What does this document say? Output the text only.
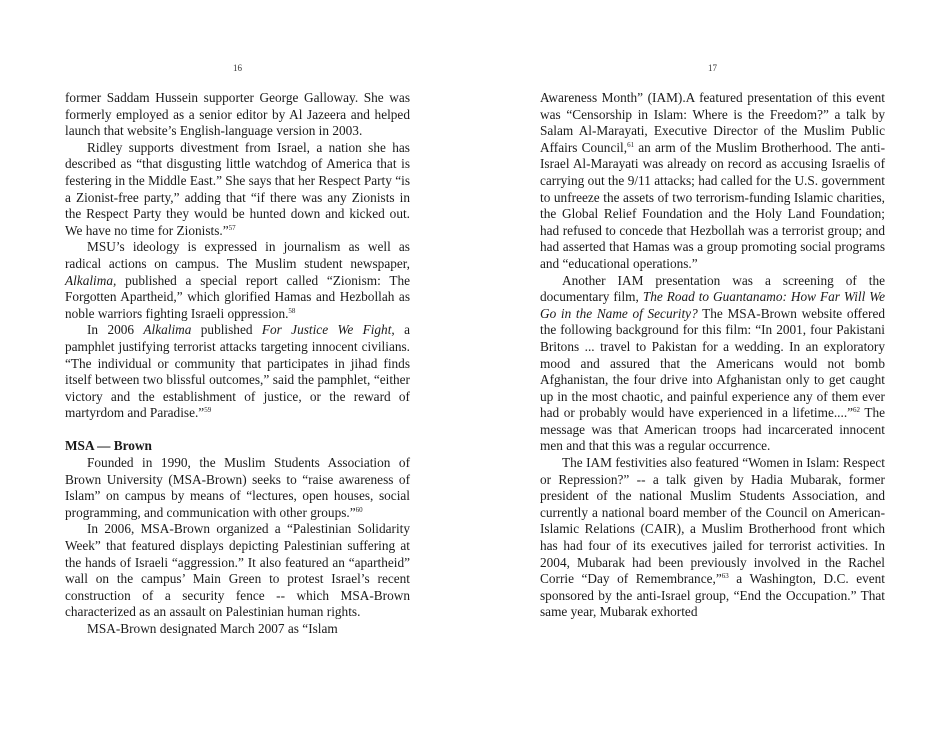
16

former Saddam Hussein supporter George Galloway. She was formerly employed as a senior editor by Al Jazeera and helped launch that website’s English-language version in 2003.

Ridley supports divestment from Israel, a nation she has described as “that disgusting little watchdog of America that is festering in the Middle East.” She says that her Respect Party “is a Zionist-free party,” adding that “if there was any Zionists in the Respect Party they would be hunted down and kicked out. We have no time for Zionists.”$^{57}$

MSU’s ideology is expressed in journalism as well as radical actions on campus. The Muslim student newspaper, Alkalima, published a special report called “Zionism: The Forgotten Apartheid,” which glorified Hamas and Hezbollah as noble warriors fighting Israeli oppression.$^{58}$

In 2006 Alkalima published For Justice We Fight, a pamphlet justifying terrorist attacks targeting innocent civilians. “The individual or community that participates in jihad finds itself between two blissful outcomes,” said the pamphlet, “either victory and the establishment of justice, or the reward of martyrdom and Paradise.”$^{59}$

MSA — Brown

Founded in 1990, the Muslim Students Association of Brown University (MSA-Brown) seeks to “raise awareness of Islam” on campus by means of “lectures, open houses, social programming, and communication with other groups.”$^{60}$

In 2006, MSA-Brown organized a “Palestinian Solidarity Week” that featured displays depicting Palestinian suffering at the hands of Israeli “aggression.” It also featured an “apartheid” wall on the campus’ Main Green to protest Israel’s recent construction of a security fence -- which MSA-Brown characterized as an assault on Palestinian human rights.

MSA-Brown designated March 2007 as “Islam

17

Awareness Month” (IAM).A featured presentation of this event was “Censorship in Islam: Where is the Freedom?” a talk by Salam Al-Marayati, Executive Director of the Muslim Public Affairs Council,$^{61}$ an arm of the Muslim Brotherhood. The anti-Israel Al-Marayati was already on record as accusing Israelis of carrying out the 9/11 attacks; had called for the U.S. government to unfreeze the assets of two terrorism-funding Islamic charities, the Global Relief Foundation and the Holy Land Foundation; had refused to concede that Hezbollah was a terrorist group; and had asserted that Hamas was a group promoting social programs and “educational operations.”

Another IAM presentation was a screening of the documentary film, The Road to Guantanamo: How Far Will We Go in the Name of Security? The MSA-Brown website offered the following background for this film: “In 2001, four Pakistani Britons ... travel to Pakistan for a wedding. In an exploratory mood and assured that the Americans would not bomb Afghanistan, the four drive into Afghanistan only to get caught up in the most chaotic, and painful experience any of them ever had or probably would have experienced in a lifetime....”$^{62}$ The message was that American troops had incarcerated innocent men and that this was a regular occurrence.

The IAM festivities also featured “Women in Islam: Respect or Repression?” -- a talk given by Hadia Mubarak, former president of the national Muslim Students Association, and currently a national board member of the Council on American-Islamic Relations (CAIR), a Muslim Brotherhood front which has had four of its executives jailed for terrorist activities. In 2004, Mubarak had been previously involved in the Rachel Corrie “Day of Remembrance,”$^{63}$ a Washington, D.C. event sponsored by the anti-Israel group, “End the Occupation.” That same year, Mubarak exhorted
